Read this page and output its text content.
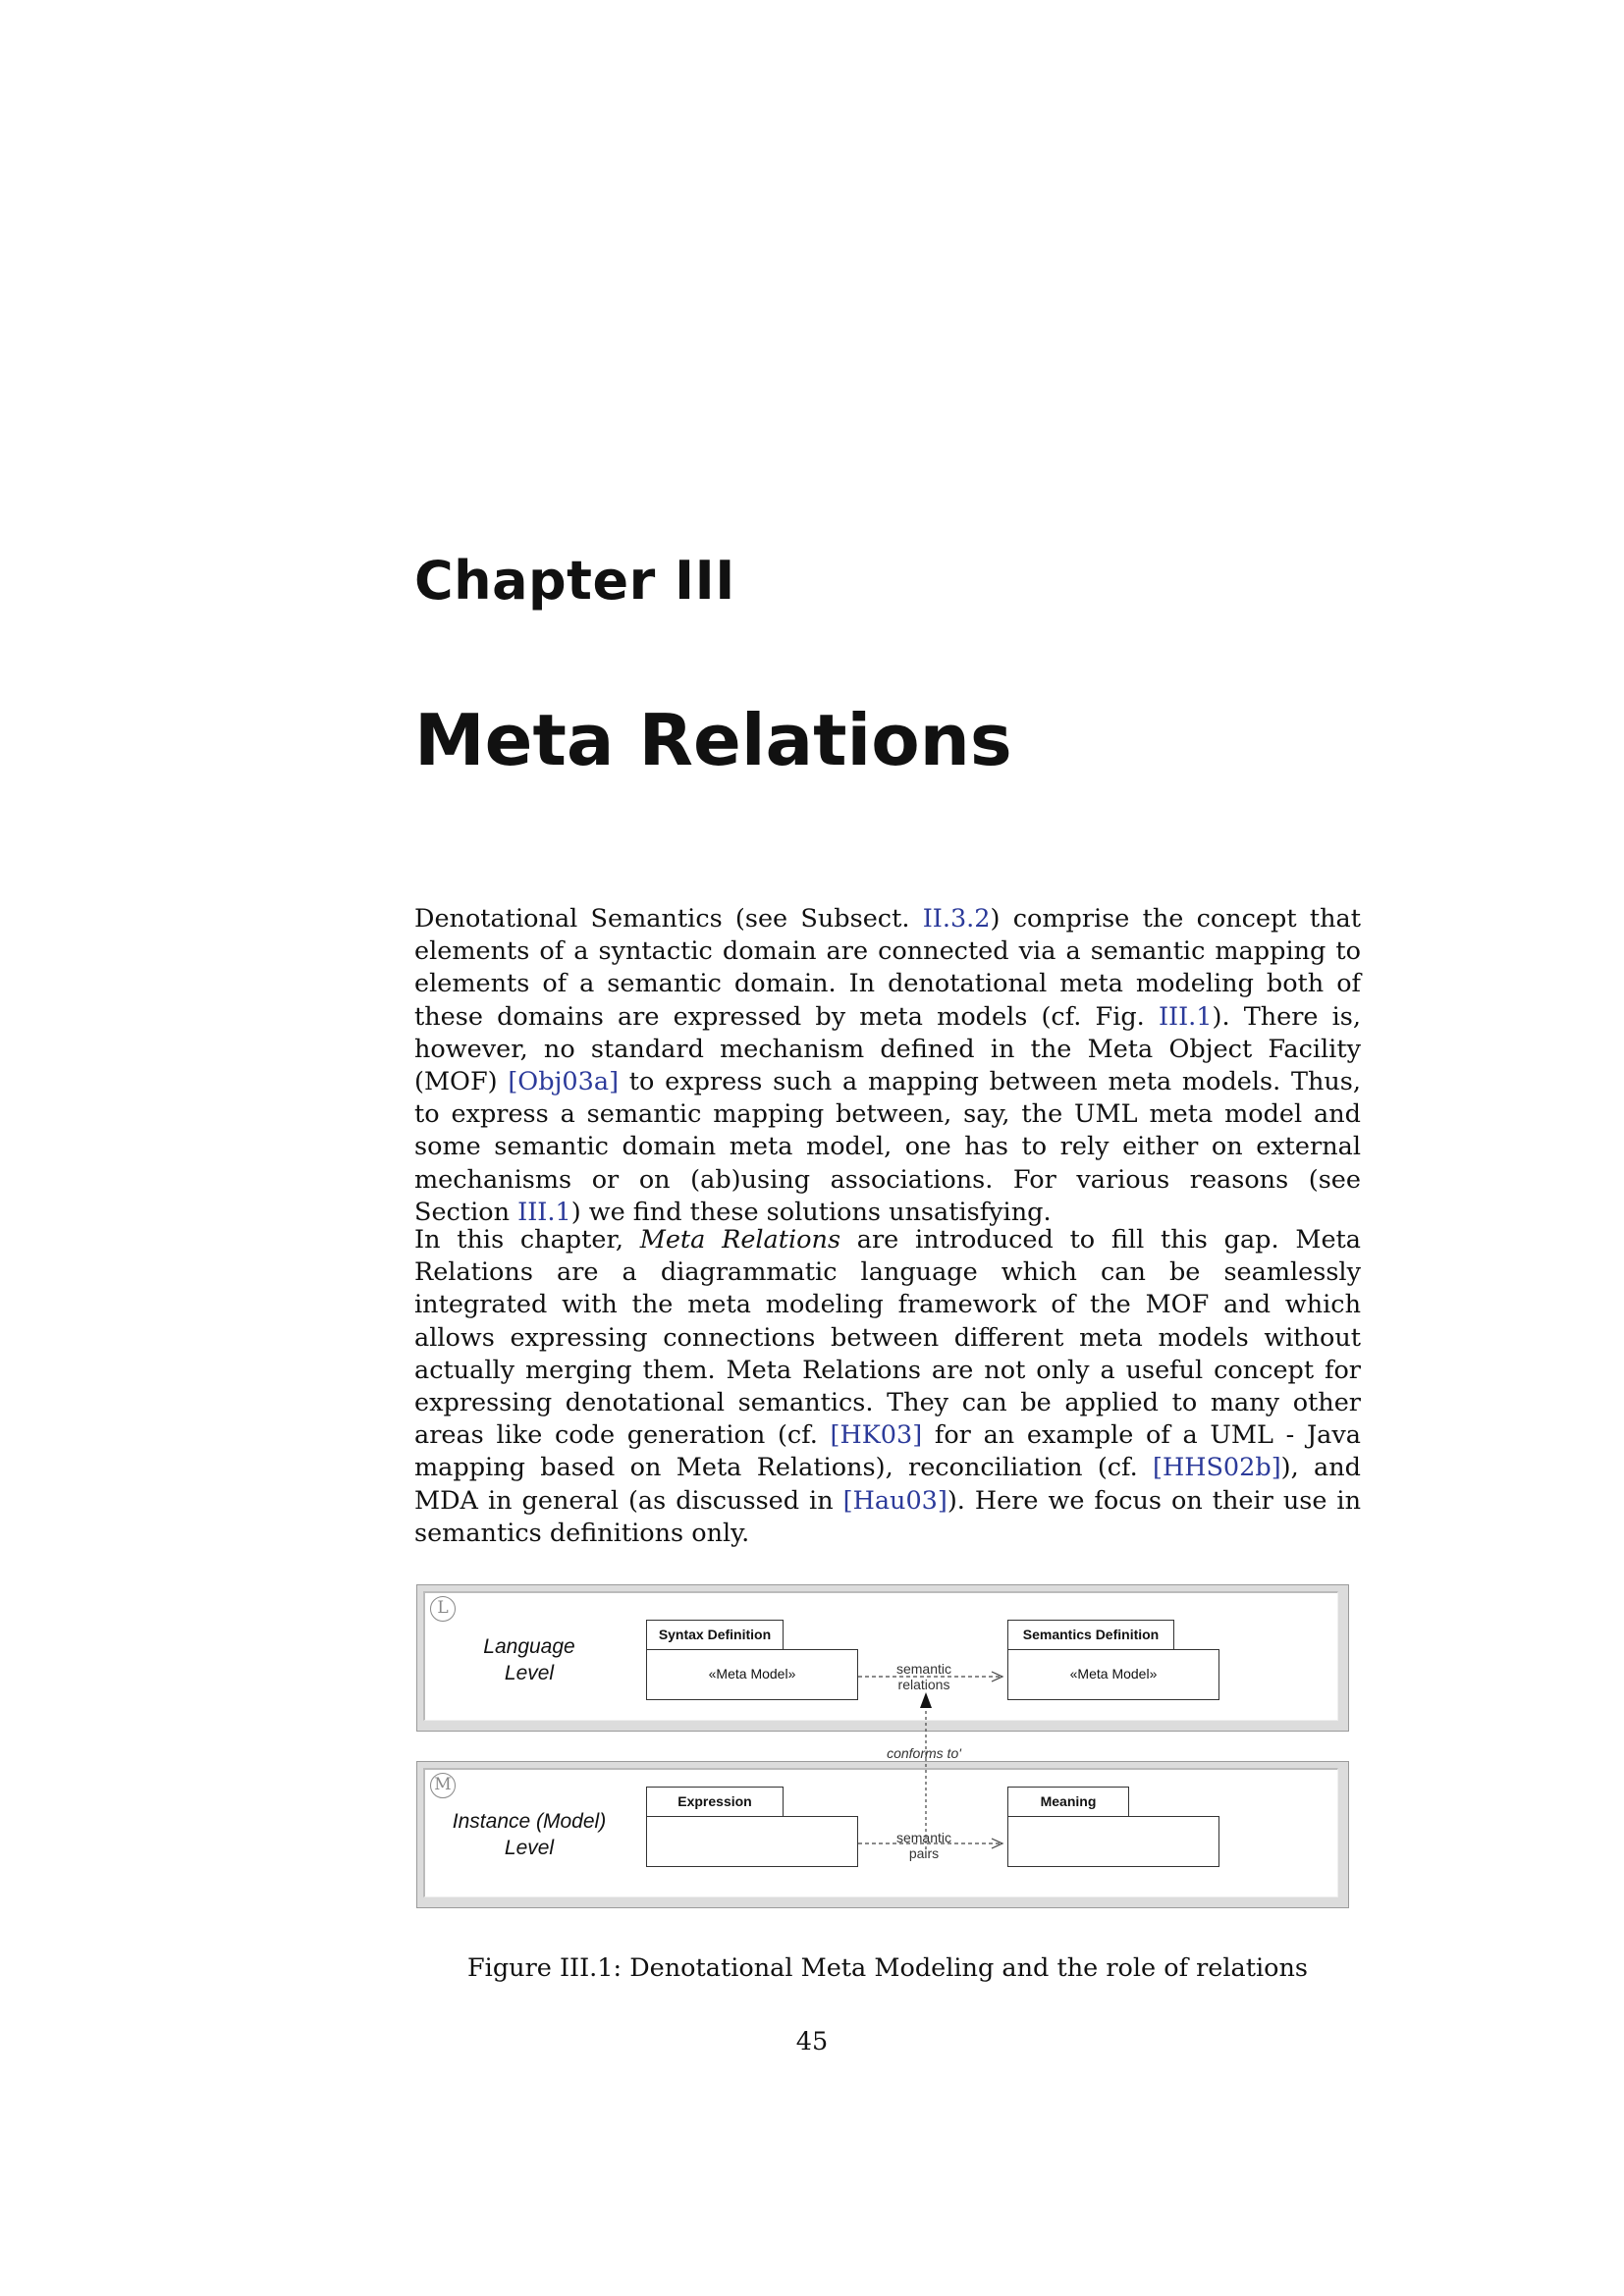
Chapter III
Meta Relations
Denotational Semantics (see Subsect. II.3.2) comprise the concept that elements of a syntactic domain are connected via a semantic mapping to elements of a semantic domain. In denotational meta modeling both of these domains are expressed by meta models (cf. Fig. III.1). There is, however, no standard mechanism defined in the Meta Object Facility (MOF) [Obj03a] to express such a mapping between meta models. Thus, to express a semantic mapping between, say, the UML meta model and some semantic domain meta model, one has to rely either on external mechanisms or on (ab)using associations. For various reasons (see Section III.1) we find these solutions unsatisfying.
In this chapter, Meta Relations are introduced to fill this gap. Meta Relations are a diagrammatic language which can be seamlessly integrated with the meta modeling framework of the MOF and which allows expressing connections between different meta models without actually merging them. Meta Relations are not only a useful concept for expressing denotational semantics. They can be applied to many other areas like code generation (cf. [HK03] for an example of a UML - Java mapping based on Meta Relations), reconciliation (cf. [HHS02b]), and MDA in general (as discussed in [Hau03]). Here we focus on their use in semantics definitions only.
L
Language
Level
Syntax Definition
«Meta Model»
Semantics Definition
«Meta Model»
semantic
relations
conforms to'
M
Instance (Model)
Level
Expression	Meaning
semantic
pairs
Figure III.1: Denotational Meta Modeling and the role of relations
45
